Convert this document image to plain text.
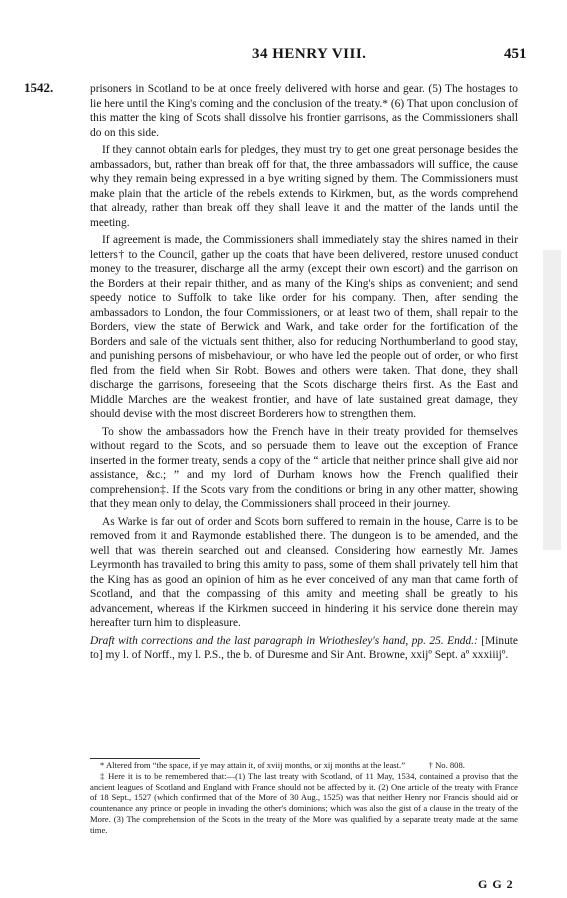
34 HENRY VIII.	451
1542.	prisoners in Scotland to be at once freely delivered with horse and gear. (5) The hostages to lie here until the King's coming and the conclusion of the treaty.* (6) That upon conclusion of this matter the king of Scots shall dissolve his frontier garrisons, as the Commissioners shall do on this side.

If they cannot obtain earls for pledges, they must try to get one great personage besides the ambassadors, but, rather than break off for that, the three ambassadors will suffice, the cause why they remain being expressed in a bye writing signed by them. The Commissioners must make plain that the article of the rebels extends to Kirkmen, but, as the words comprehend that already, rather than break off they shall leave it and the matter of the lands until the meeting.

If agreement is made, the Commissioners shall immediately stay the shires named in their letters† to the Council, gather up the coats that have been delivered, restore unused conduct money to the treasurer, discharge all the army (except their own escort) and the garrison on the Borders at their repair thither, and as many of the King's ships as convenient; and send speedy notice to Suffolk to take like order for his company. Then, after sending the ambassadors to London, the four Commissioners, or at least two of them, shall repair to the Borders, view the state of Berwick and Wark, and take order for the fortification of the Borders and sale of the victuals sent thither, also for reducing Northumberland to good stay, and punishing persons of misbehaviour, or who have led the people out of order, or who first fled from the field when Sir Robt. Bowes and others were taken. That done, they shall discharge the garrisons, foreseeing that the Scots discharge theirs first. As the East and Middle Marches are the weakest frontier, and have of late sustained great damage, they should devise with the most discreet Borderers how to strengthen them.

To show the ambassadors how the French have in their treaty provided for themselves without regard to the Scots, and so persuade them to leave out the exception of France inserted in the former treaty, sends a copy of the “ article that neither prince shall give aid nor assistance, &c.; ” and my lord of Durham knows how the French qualified their comprehension‡. If the Scots vary from the conditions or bring in any other matter, showing that they mean only to delay, the Commissioners shall proceed in their journey.

As Warke is far out of order and Scots born suffered to remain in the house, Carre is to be removed from it and Raymonde established there. The dungeon is to be amended, and the well that was therein searched out and cleansed. Considering how earnestly Mr. James Leyrmonth has travailed to bring this amity to pass, some of them shall privately tell him that the King has as good an opinion of him as he ever conceived of any man that came forth of Scotland, and that the compassing of this amity and meeting shall be greatly to his advancement, whereas if the Kirkmen succeed in hindering it his service done therein may hereafter turn him to displeasure.

Draft with corrections and the last paragraph in Wriothesley's hand, pp. 25. Endd.: [Minute to] my l. of Norff., my l. P.S., the b. of Duresme and Sir Ant. Browne, xxijº Sept. aº xxxiiijº.

* Altered from “the space, if ye may attain it, of xviij months, or xij months at the least.”           † No. 808.

‡ Here it is to be remembered that:—(1) The last treaty with Scotland, of 11 May, 1534, contained a proviso that the ancient leagues of Scotland and England with France should not be affected by it. (2) One article of the treaty with France of 18 Sept., 1527 (which confirmed that of the More of 30 Aug., 1525) was that neither Henry nor Francis should aid or countenance any prince or people in invading the other's dominions; which was also the gist of a clause in the treaty of the More. (3) The comprehension of the Scots in the treaty of the More was qualified by a separate treaty made at the same time.

G G 2
